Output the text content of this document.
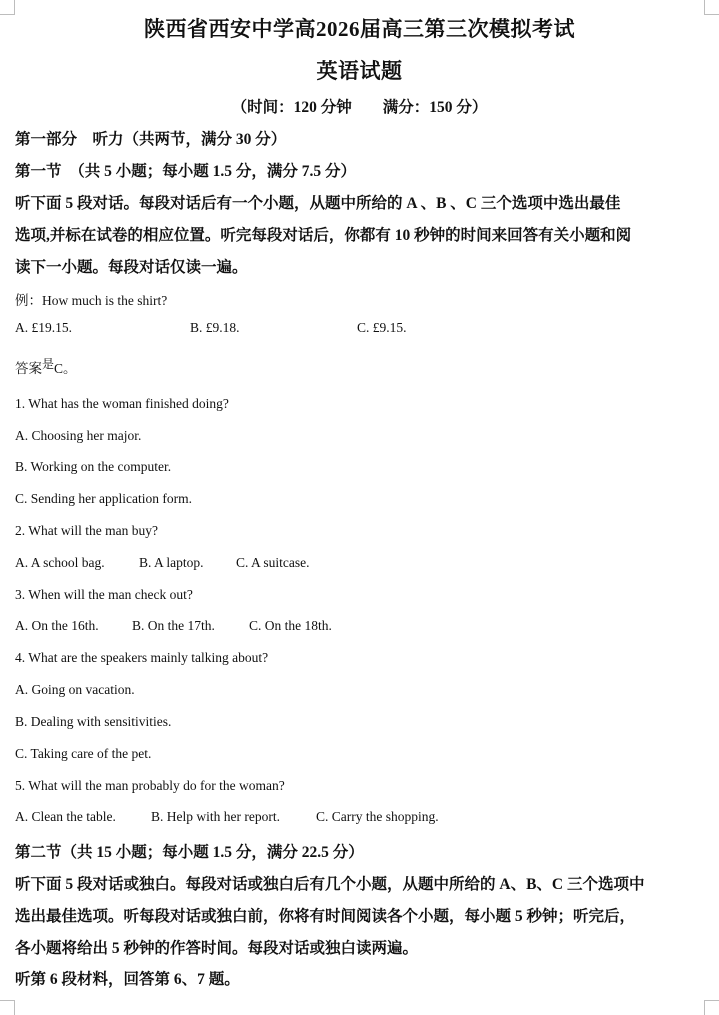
陕西省西安中学高2026届高三第三次模拟考试
英语试题
（时间：120 分钟　　满分：150 分）
第一部分　听力（共两节，满分 30 分）
第一节　（共 5 小题；每小题 1.5 分，满分 7.5 分）
听下面 5 段对话。每段对话后有一个小题，从题中所给的 A 、B 、C 三个选项中选出最佳
选项,并标在试卷的相应位置。听完每段对话后，你都有 10 秒钟的时间来回答有关小题和阅
读下一小题。每段对话仅读一遍。
例：How much is the shirt?
A. £19.15.	B. £9.18.	C. £9.15.
答案是C。
1. What has the woman finished doing?
A. Choosing her major.
B. Working on the computer.
C. Sending her application form.
2. What will the man buy?
A. A school bag.	B. A laptop. C. A suitcase.
3. When will the man check out?
A. On the 16th. B. On the 17th.	C. On the 18th.
4. What are the speakers mainly talking about?
A. Going on vacation.
B. Dealing with sensitivities.
C. Taking care of the pet.
5. What will the man probably do for the woman?
A. Clean the table.	B. Help with her report.	C. Carry the shopping.
第二节（共 15 小题；每小题 1.5 分，满分 22.5 分）
听下面 5 段对话或独白。每段对话或独白后有几个小题，从题中所给的 A、B、C 三个选项中
选出最佳选项。听每段对话或独白前，你将有时间阅读各个小题，每小题 5 秒钟；听完后，
各小题将给出 5 秒钟的作答时间。每段对话或独白读两遍。
听第 6 段材料，回答第 6、7 题。
